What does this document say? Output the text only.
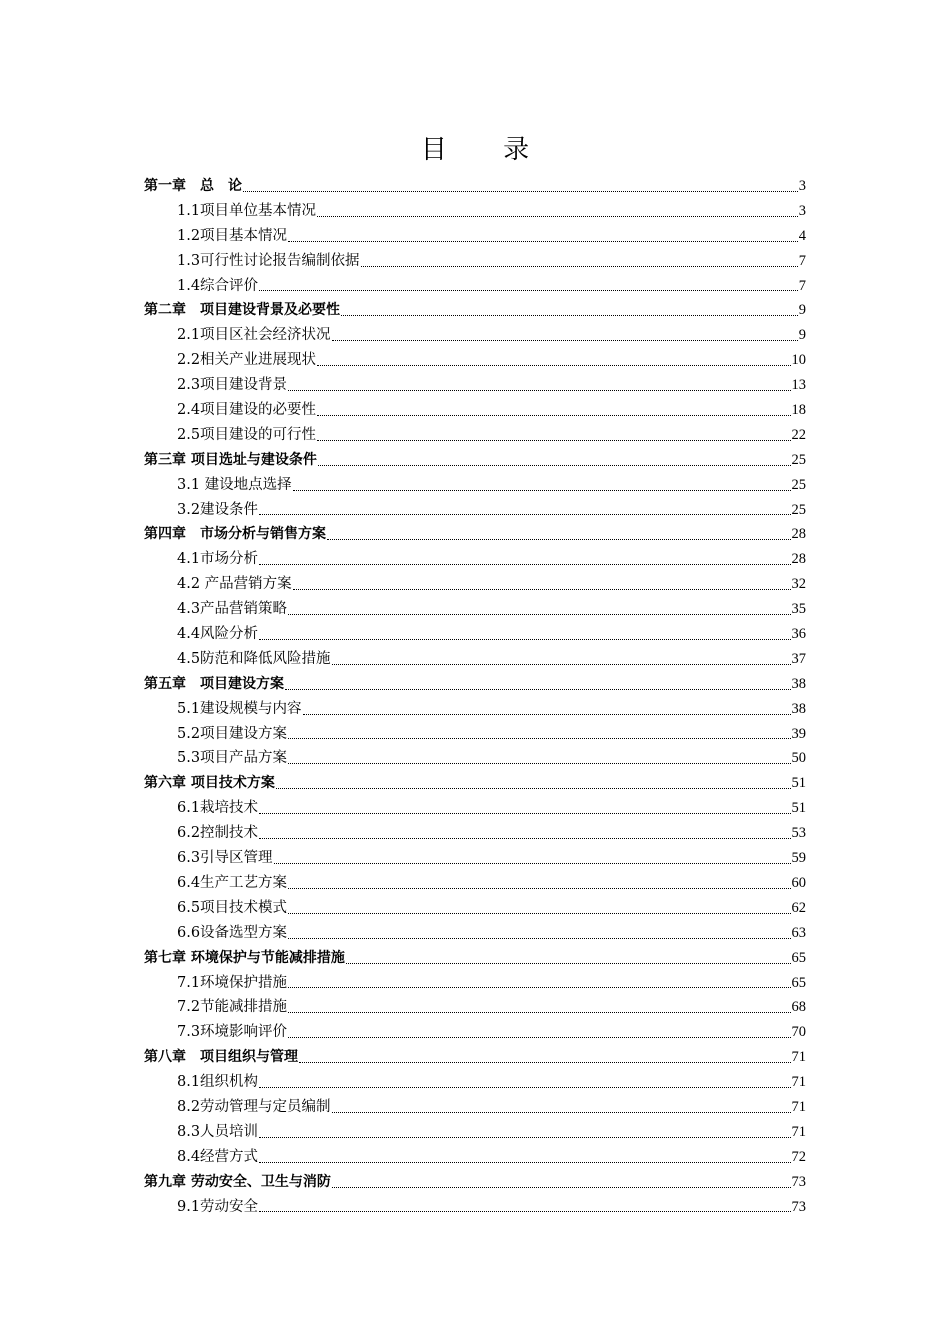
目 录
第一章　总　论	3
1.1项目单位基本情况	3
1.2项目基本情况	4
1.3可行性讨论报告编制依据	7
1.4综合评价	7
第二章　项目建设背景及必要性	9
2.1项目区社会经济状况	9
2.2相关产业进展现状	10
2.3项目建设背景	13
2.4项目建设的必要性	18
2.5项目建设的可行性	22
第三章 项目选址与建设条件	25
3.1 建设地点选择	25
3.2建设条件	25
第四章　市场分析与销售方案	28
4.1市场分析	28
4.2 产品营销方案	32
4.3产品营销策略	35
4.4风险分析	36
4.5防范和降低风险措施	37
第五章　项目建设方案	38
5.1建设规模与内容	38
5.2项目建设方案	39
5.3项目产品方案	50
第六章 项目技术方案	51
6.1栽培技术	51
6.2控制技术	53
6.3引导区管理	59
6.4生产工艺方案	60
6.5项目技术模式	62
6.6设备选型方案	63
第七章 环境保护与节能减排措施	65
7.1环境保护措施	65
7.2节能减排措施	68
7.3环境影响评价	70
第八章　项目组织与管理	71
8.1组织机构	71
8.2劳动管理与定员编制	71
8.3人员培训	71
8.4经营方式	72
第九章 劳动安全、卫生与消防	73
9.1劳动安全	73
